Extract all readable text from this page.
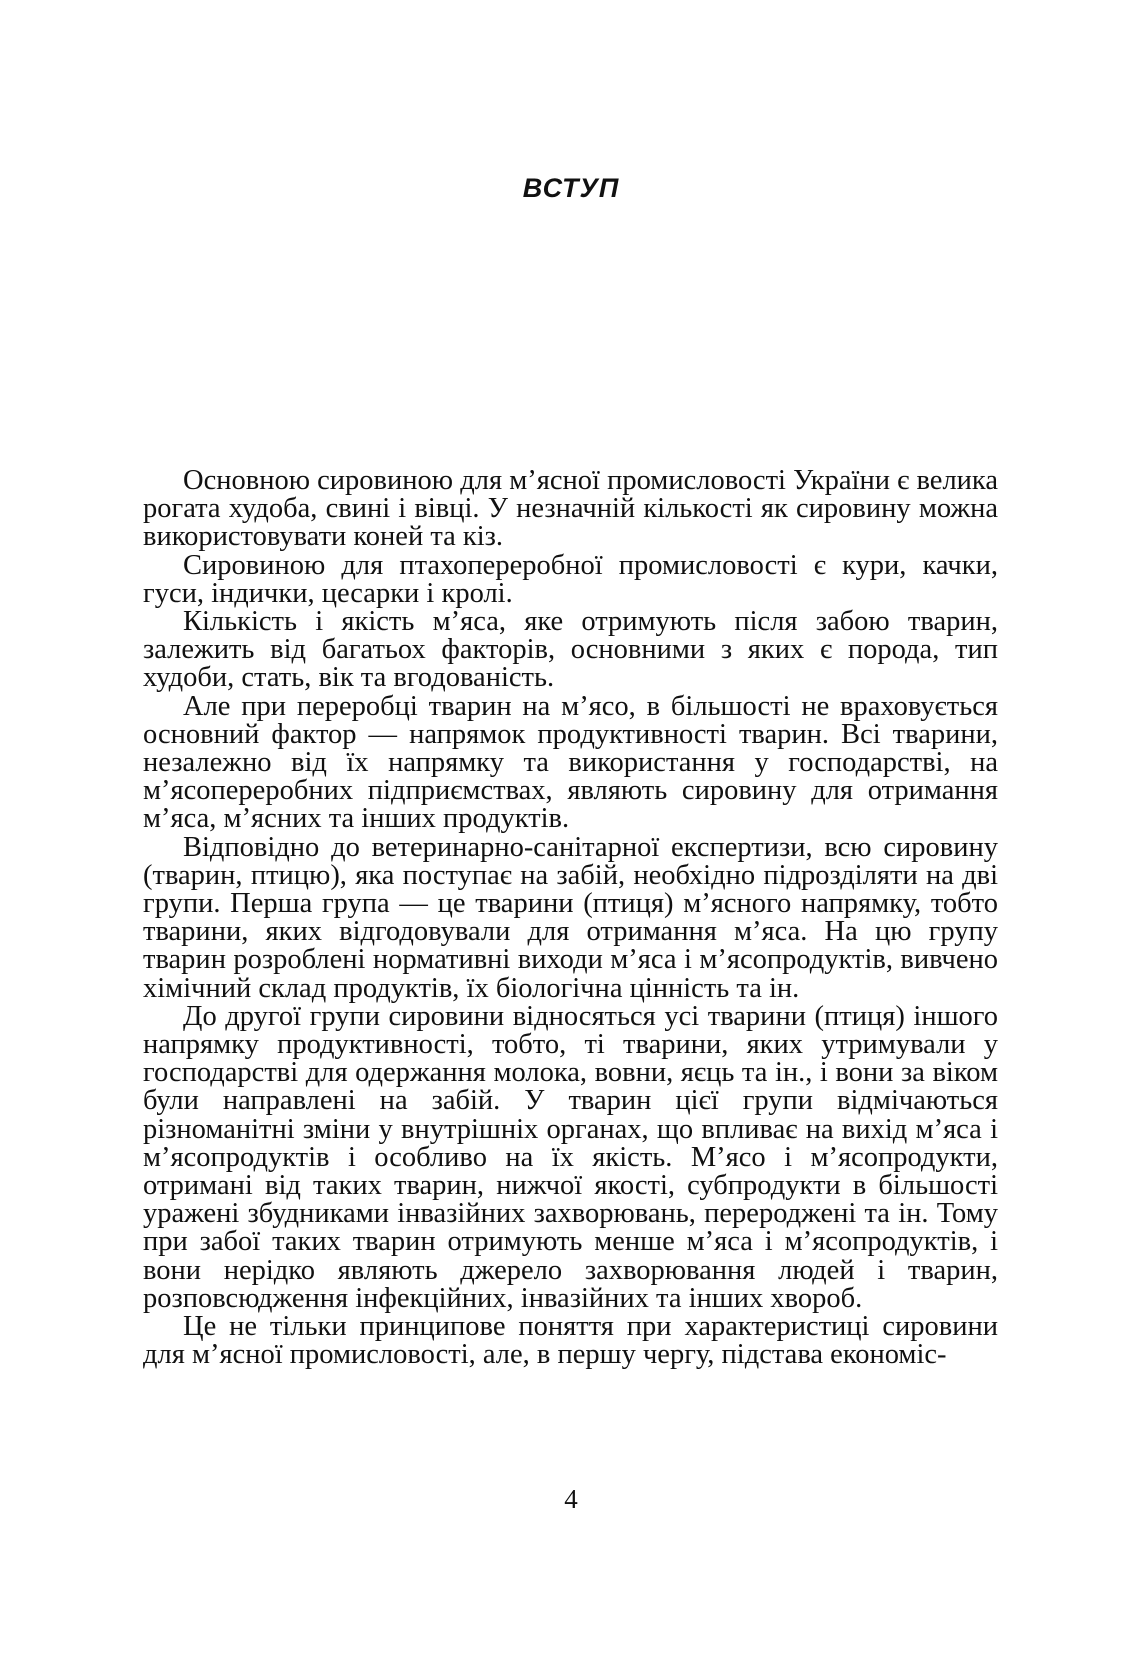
ВСТУП

Основною сировиною для м’ясної промисловості України є велика рогата худоба, свині і вівці. У незначній кількості як сировину можна використовувати коней та кіз.

Сировиною для птахопереробної промисловості є кури, качки, гуси, індички, цесарки і кролі.

Кількість і якість м’яса, яке отримують після забою тварин, залежить від багатьох факторів, основними з яких є порода, тип худоби, стать, вік та вгодованість.

Але при переробці тварин на м’ясо, в більшості не враховується основний фактор — напрямок продуктивності тварин. Всі тварини, незалежно від їх напрямку та використання у господарстві, на м’ясопереробних підприємствах, являють сировину для отримання м’яса, м’ясних та інших продуктів.

Відповідно до ветеринарно-санітарної експертизи, всю сировину (тварин, птицю), яка поступає на забій, необхідно підрозділяти на дві групи. Перша група — це тварини (птиця) м’ясного напрямку, тобто тварини, яких відгодовували для отримання м’яса. На цю групу тварин розроблені нормативні виходи м’яса і м’ясопродуктів, вивчено хімічний склад продуктів, їх біологічна цінність та ін.

До другої групи сировини відносяться усі тварини (птиця) іншого напрямку продуктивності, тобто, ті тварини, яких утримували у господарстві для одержання молока, вовни, яєць та ін., і вони за віком були направлені на забій. У тварин цієї групи відмічаються різноманітні зміни у внутрішніх органах, що впливає на вихід м’яса і м’ясопродуктів і особливо на їх якість. М’ясо і м’ясопродукти, отримані від таких тварин, нижчої якості, субпродукти в більшості уражені збудниками інвазійних захворювань, переродженi та ін. Тому при забої таких тварин отримують менше м’яса і м’ясопродуктів, і вони нерідко являють джерело захворювання людей і тварин, розповсюдження інфекційних, інвазійних та інших хвороб.

Це не тільки принципове поняття при характеристиці сировини для м’ясної промисловості, але, в першу чергу, підстава економіс-

4
